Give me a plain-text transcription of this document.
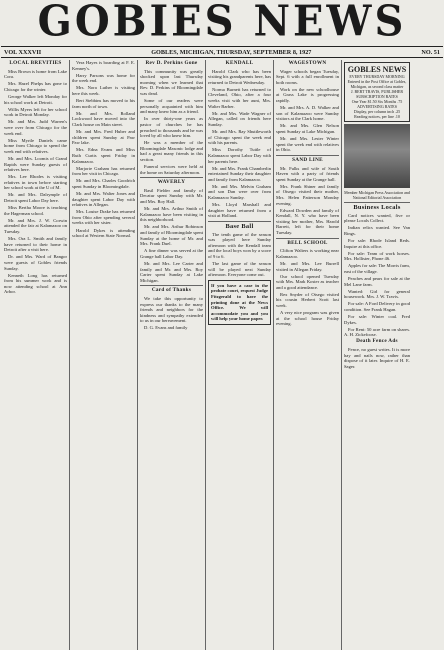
GOBIES NEWS
VOL XXXVII	GOBLES, MICHIGAN, THURSDAY, SEPTEMBER 8, 1927	NO. 51
LOCAL BREVITIES
Miss Brown is home from Lake Cora.
Mrs. Hazel Phelps has gone to Chicago for the winter.
George Walker left Monday for his school work at Detroit.
Willis Myers left for her school work in Detroit Monday.
Mr. and Mrs. Judd Warren's were over from Chicago for the week end.
Miss Myrtle Daniels came home from Chicago to spend the week end with relatives.
Mr. and Mrs. Loomis of Grand Rapids were Sunday guests of relatives here.
Mrs. Lee Rhodes is visiting relatives in town before starting her school work at the U of M.
Mr. and Mrs. Dalrymple of Detroit spent Labor Day here.
Miss Bertha Moore is teaching the Hagerman school.
Mr. and Mrs. J. W. Corwin attended the fair at Kalamazoo on Tuesday.
Mrs. Ora L. Smith and family have returned to their home in Detroit after a visit here.
Dr. and Mrs. Ward of Bangor were guests of Gobles friends Sunday.
Kenneth Long has returned from his summer work and is now attending school at Ann Arbor.
Vera Hayes is boarding at F. E. Kenney's.
Harry Parsons was home for the week end.
Mrs. Nora Luther is visiting here this week.
Bert Stebbins has moved to his farm north of town.
Mr. and Mrs. Rolland Lockwood have moved into the Clark house on Main street.
Mr. and Mrs. Fred Huber and children spent Sunday at Paw Paw lake.
Mrs. Edna Evans and Miss Ruth Curtis spent Friday in Kalamazoo.
Marjorie Graham has returned from her visit in Chicago.
Mr. and Mrs. Charles Goodrich spent Sunday in Bloomingdale.
Mr. and Mrs. Walter Jones and daughter spent Labor Day with relatives in Allegan.
Mrs. Louise Drake has returned from Ohio after spending several weeks with her sister.
Harold Dykes is attending school at Western State Normal.
Rev D. Perkins Gone
This community was greatly shocked upon last Thursday morning when we learned that Rev. D. Perkins of Bloomingdale was dead.
Some of our readers were personally acquainted with him and many knew him as a friend.
In over thirty-one years as pastor of churches he has preached to thousands and he was loved by all who knew him.
He was a member of the Bloomingdale Masonic lodge and had a great many friends in this section.
Funeral services were held at the home on Saturday afternoon.
WAVERLY
Basil Fielder and family of Decatur spent Sunday with Mr. and Mrs. Roy Hall.
Mr. and Mrs. Arthur Smith of Kalamazoo have been visiting in this neighborhood.
Mr. and Mrs. Arthur Robinson and family of Bloomingdale spent Sunday at the home of Mr. and Mrs. Frank Duel.
A fine dinner was served at the Grange hall Labor Day.
Mr. and Mrs. Lee Carter and family and Mr. and Mrs. Roy Carter spent Sunday at Lake Michigan.
Card of Thanks
We take this opportunity to express our thanks to the many friends and neighbors for the kindness and sympathy extended to us in our bereavement.
D. G. Evans and family
KENDALL
Harold Clark who has been visiting his grandparents here, has returned to Detroit Wednesday.
Norma Burnett has returned to Cleveland, Ohio, after a four weeks visit with her aunt, Mrs. Walter Barber.
Mr. and Mrs. Wade Wagner of Allegan, called on friends here Sunday.
Mr. and Mrs. Ray Shuttleworth of Chicago spent the week end with his parents.
Miss Dorothy Tuttle of Kalamazoo spent Labor Day with her parents here.
Mr. and Mrs. Frank Chamberlin entertained Sunday their daughter and family from Kalamazoo.
Mr. and Mrs. Melvin Graham and son Dan were over from Kalamazoo Sunday.
Mrs. Lloyd Marshall and daughter have returned from a visit at Holland.
Base Ball
The tenth game of the season was played here Sunday afternoon with the Kendall team and the local boys won by a score of 9 to 6.
The last game of the season will be played next Sunday afternoon. Everyone come out.
If you have a case in the probate court, request Judge Fitzgerald to have the printing done at the News Office. We will accommodate you and you will help your home paper.
WAGESTOWN
Wager schools began Tuesday, Sept. 6 with a full enrollment in both rooms.
Work on the new schoolhouse at Grass Lake is progressing rapidly.
Mr. and Mrs. A. D. Walker and son of Kalamazoo were Sunday visitors at the Clark home.
Mr. and Mrs. Glen Nelson spent Sunday at Lake Michigan.
Mr. and Mrs. Lester Winter spent the week end with relatives in Ohio.
SAND LINE
Mr. Fulks and wife of South Haven with a party of friends spent Sunday at the Grange hall.
Mrs. Frank Shiner and family of Otsego visited their mother, Mrs. Helen Patterson Monday evening.
Edward Dowden and family of Kendall, N. Y. who have been visiting her mother, Mrs. Harold Barrett, left for their home Tuesday.
BELL SCHOOL
Clifton Walters is working near Kalamazoo.
Mr. and Mrs. Lee Burrell visited in Allegan Friday.
Our school opened Tuesday with Mrs. Mark Koster as teacher and a good attendance.
Rex Snyder of Otsego visited his cousin Herbert Scott last week.
A very nice program was given at the school house Friday evening.
GOBLES NEWS
EVERY THURSDAY MORNING
Entered in the Post Office at Gobles, Michigan, as second class matter
J. BERT TRAVIS, PUBLISHER
SUBSCRIPTION RATES
One Year $1.50 Six Months .75
ADVERTISING RATES
Display, per column inch .25
Reading notices, per line .10
Member Michigan Press Association and National Editorial Association
Business Locals
Card notices wanted, five or please Locals Collect.
Indian relics wanted. See Van Rings.
For sale: Rhode Island Reds. Inquire at this office.
For sale: Team of work horses. Mrs. Hollister, Phone 46.
Apples for sale: The Morris farm, east of the village.
Peaches and pears for sale at the Mel Lane farm.
Wanted: Girl for general housework. Mrs. J. W. Travis.
For sale: A Ford Delivery in good condition. See Frank Hagan.
For sale: Winter coal. Fred Dykes.
For Rent: 50 acre farm on shares. A. H. Zickefoose.
Death Fence Ads
Fence, no guest writes. It is more hay and nails now, rather than dispose of it later. Inquire of H. E. Sager.
